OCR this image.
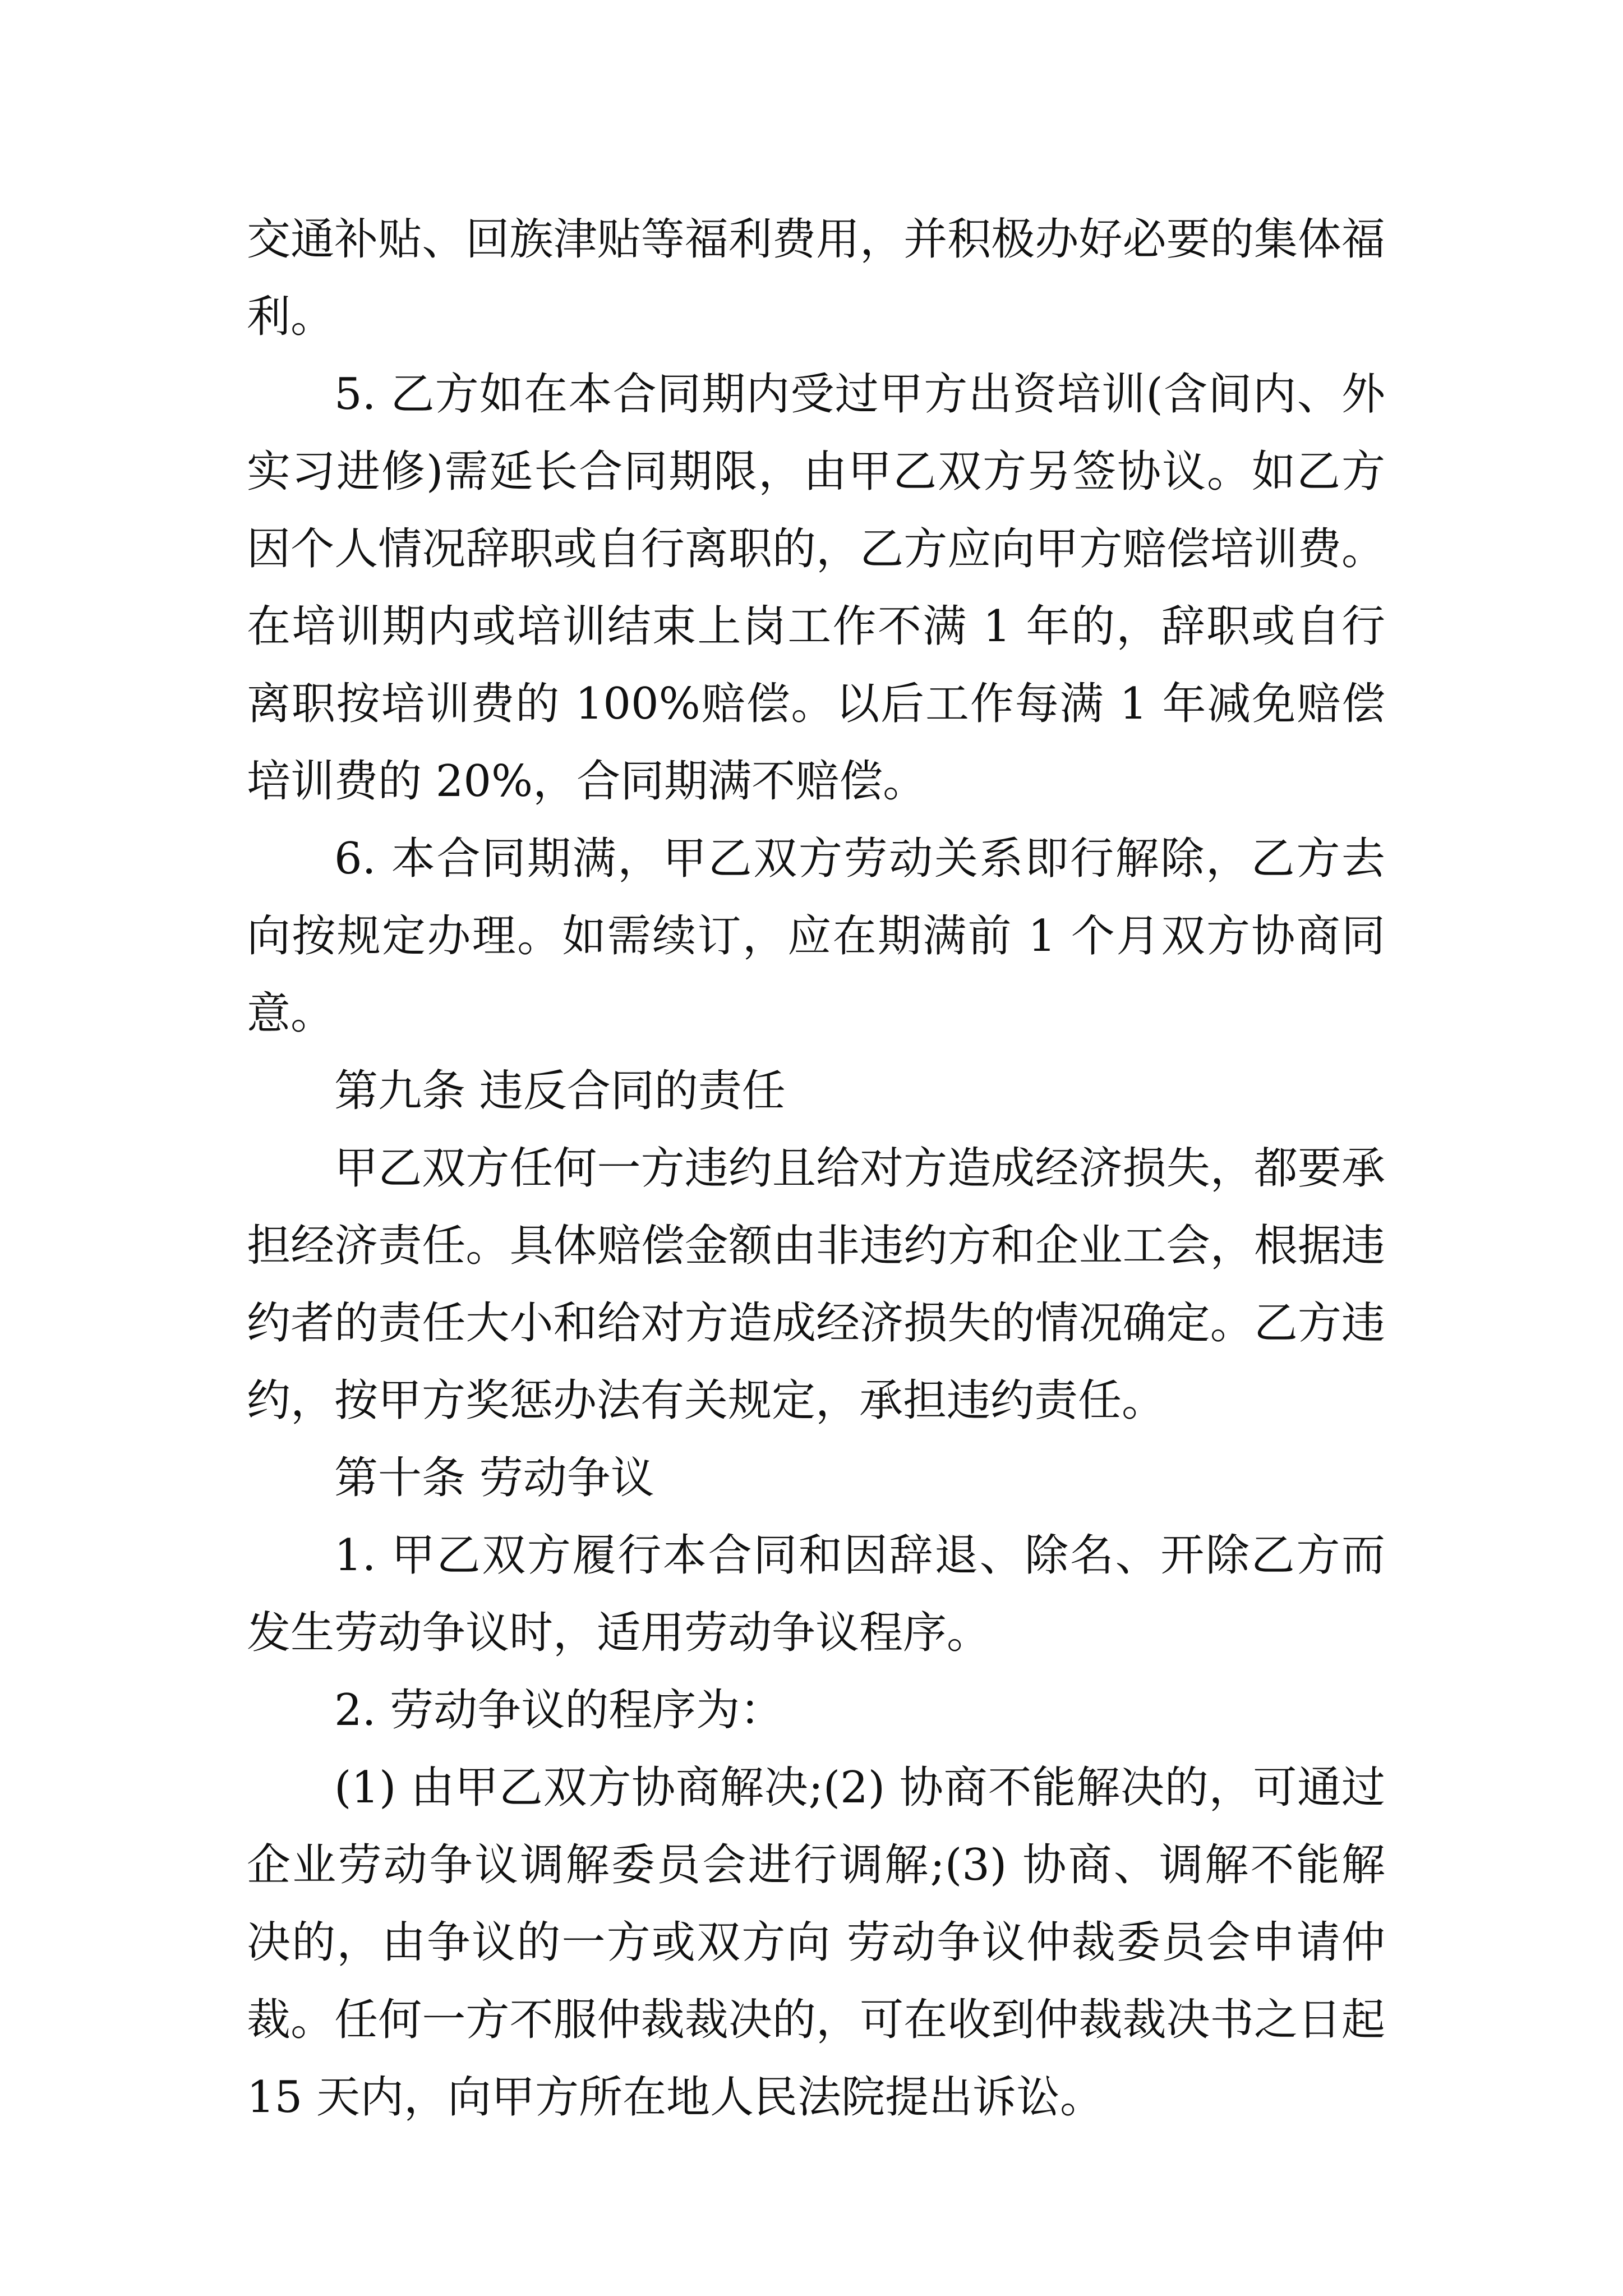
交通补贴、回族津贴等福利费用，并积极办好必要的集体福利。

5. 乙方如在本合同期内受过甲方出资培训(含间内、外实习进修)需延长合同期限，由甲乙双方另签协议。如乙方因个人情况辞职或自行离职的，乙方应向甲方赔偿培训费。在培训期内或培训结束上岗工作不满 1 年的，辞职或自行离职按培训费的 100%赔偿。以后工作每满 1 年减免赔偿培训费的 20%，合同期满不赔偿。

6. 本合同期满，甲乙双方劳动关系即行解除，乙方去向按规定办理。如需续订，应在期满前 1 个月双方协商同意。

第九条 违反合同的责任

甲乙双方任何一方违约且给对方造成经济损失，都要承担经济责任。具体赔偿金额由非违约方和企业工会，根据违约者的责任大小和给对方造成经济损失的情况确定。乙方违约，按甲方奖惩办法有关规定，承担违约责任。

第十条 劳动争议

1. 甲乙双方履行本合同和因辞退、除名、开除乙方而发生劳动争议时，适用劳动争议程序。

2. 劳动争议的程序为：

(1) 由甲乙双方协商解决;(2) 协商不能解决的，可通过企业劳动争议调解委员会进行调解;(3) 协商、调解不能解决的，由争议的一方或双方向 劳动争议仲裁委员会申请仲裁。任何一方不服仲裁裁决的，可在收到仲裁裁决书之日起 15 天内，向甲方所在地人民法院提出诉讼。
